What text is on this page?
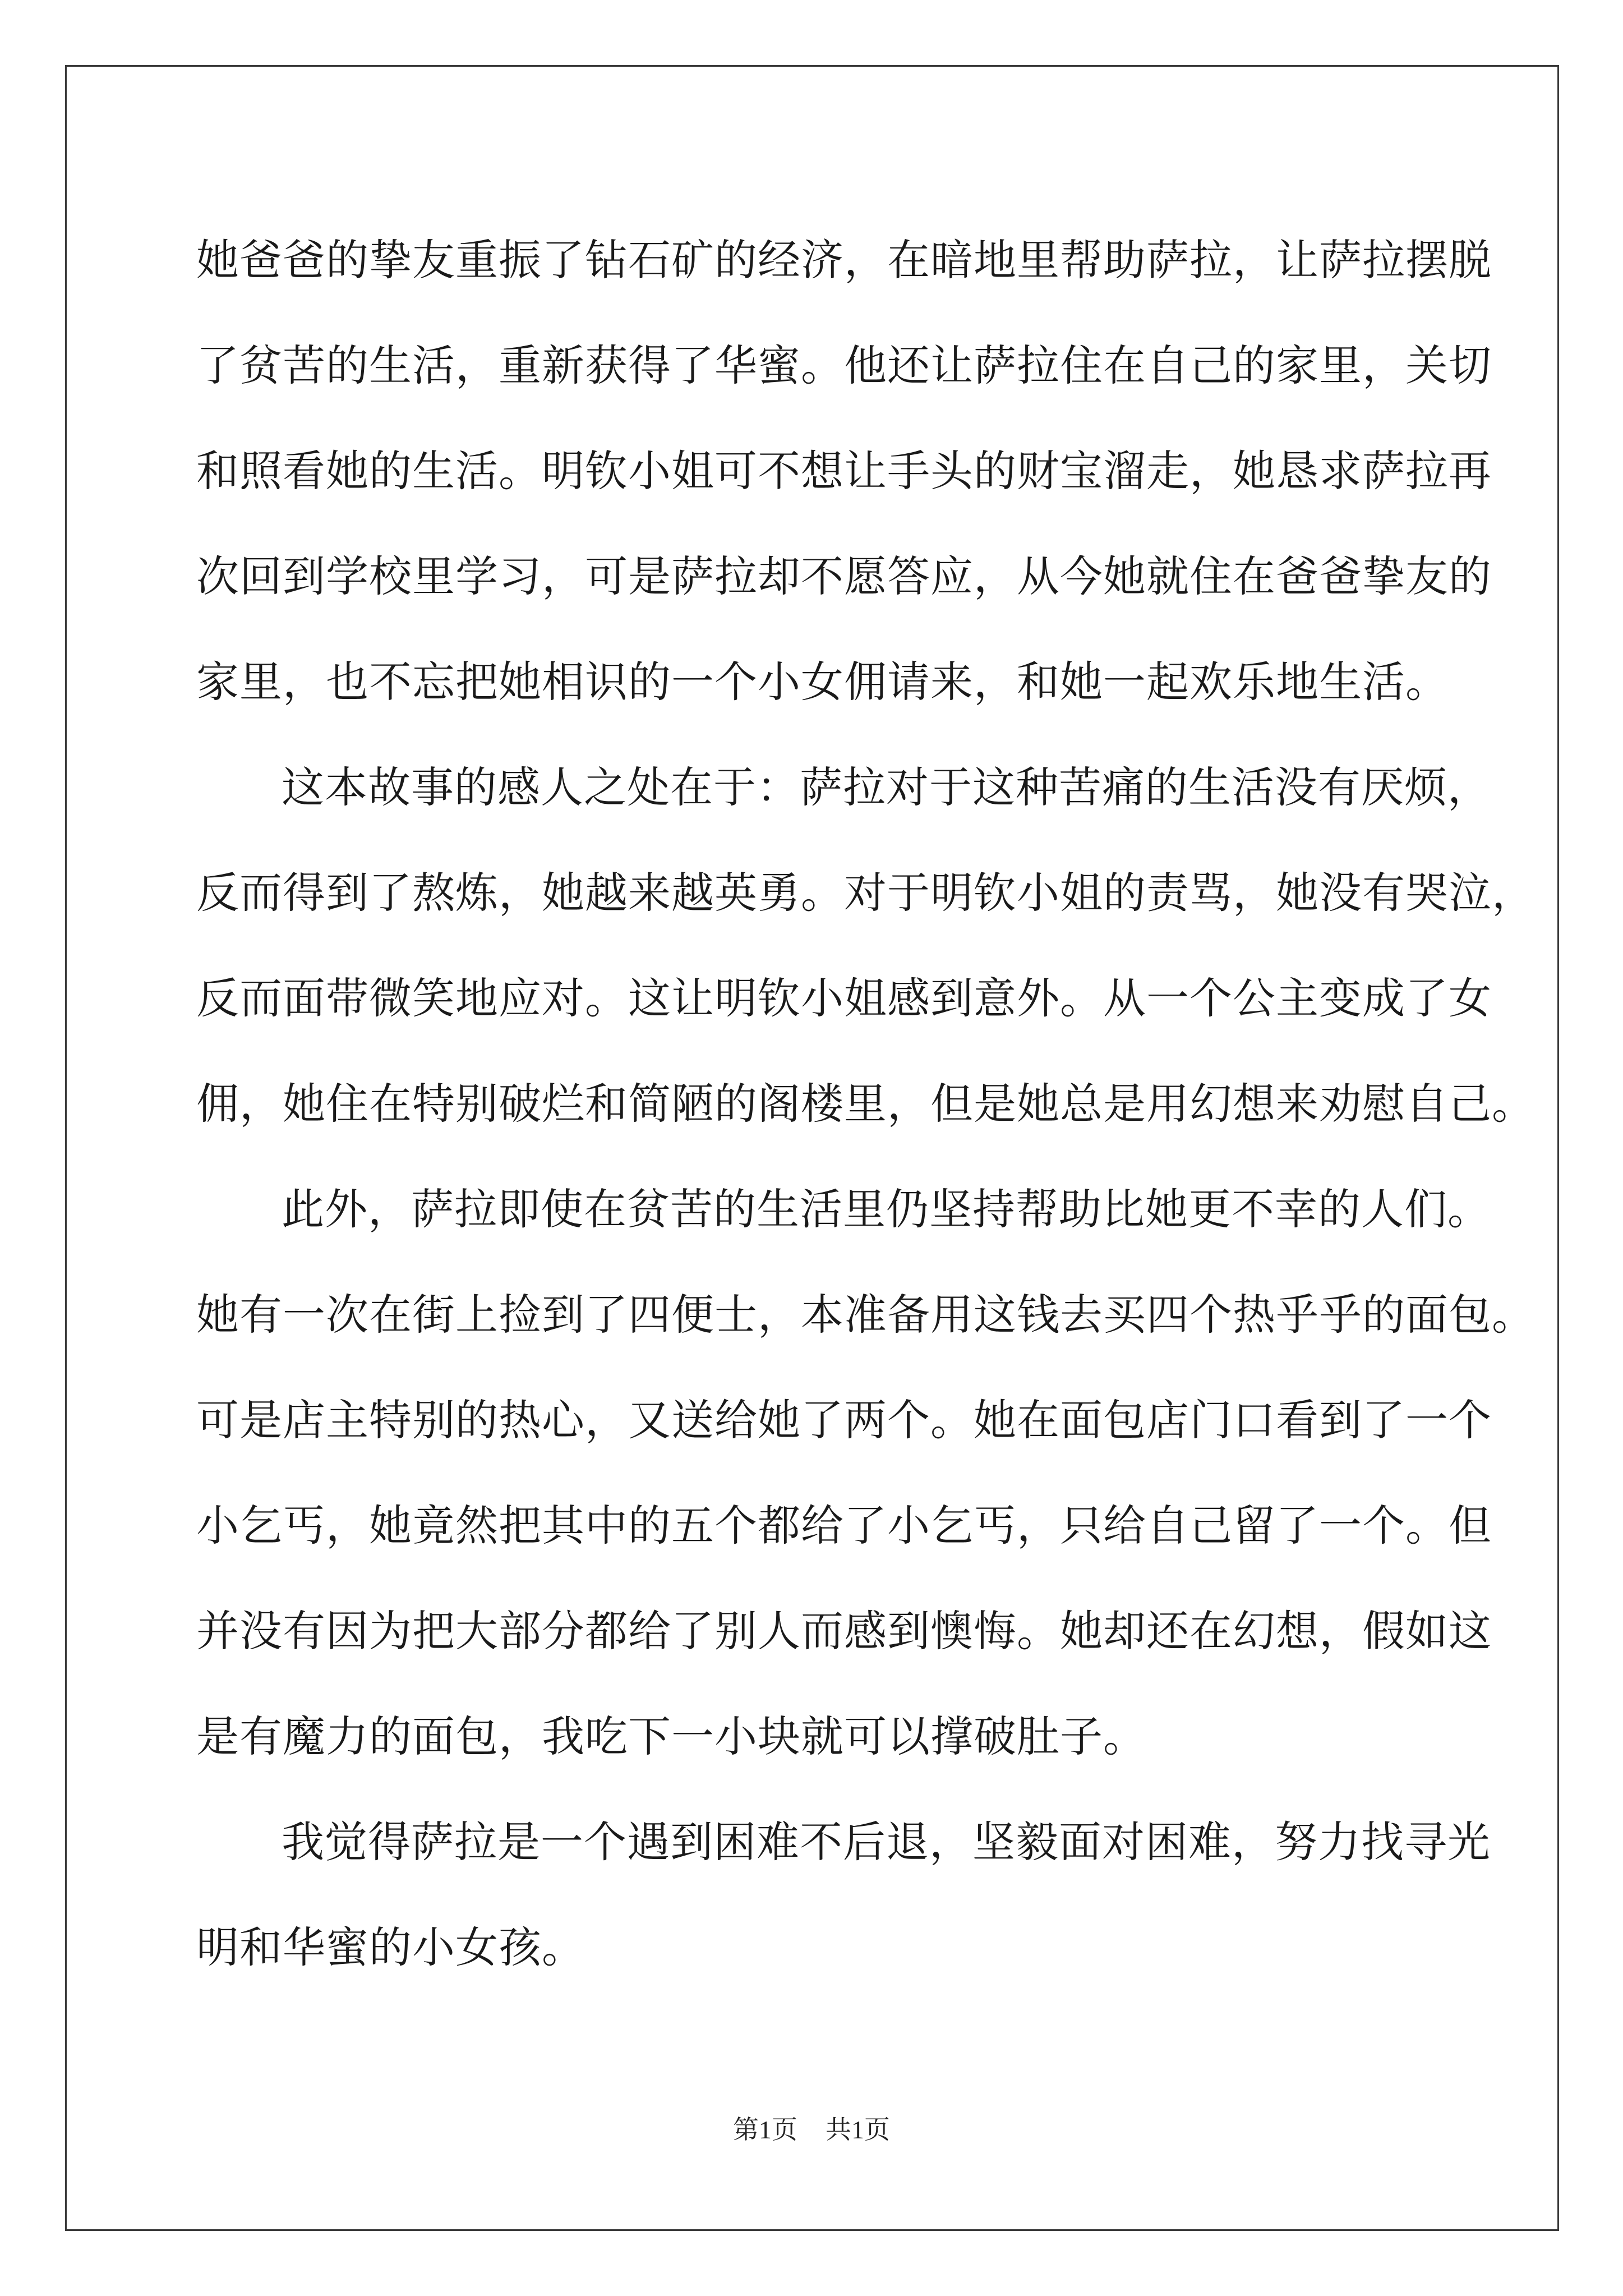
她爸爸的挚友重振了钻石矿的经济，在暗地里帮助萨拉，让萨拉摆脱
了贫苦的生活，重新获得了华蜜。他还让萨拉住在自己的家里，关切
和照看她的生活。明钦小姐可不想让手头的财宝溜走，她恳求萨拉再
次回到学校里学习，可是萨拉却不愿答应，从今她就住在爸爸挚友的
家里，也不忘把她相识的一个小女佣请来，和她一起欢乐地生活。
这本故事的感人之处在于：萨拉对于这种苦痛的生活没有厌烦，
反而得到了熬炼，她越来越英勇。对于明钦小姐的责骂，她没有哭泣，
反而面带微笑地应对。这让明钦小姐感到意外。从一个公主变成了女
佣，她住在特别破烂和简陋的阁楼里，但是她总是用幻想来劝慰自己。
此外，萨拉即使在贫苦的生活里仍坚持帮助比她更不幸的人们。
她有一次在街上捡到了四便士，本准备用这钱去买四个热乎乎的面包。
可是店主特别的热心，又送给她了两个。她在面包店门口看到了一个
小乞丐，她竟然把其中的五个都给了小乞丐，只给自己留了一个。但
并没有因为把大部分都给了别人而感到懊悔。她却还在幻想，假如这
是有魔力的面包，我吃下一小块就可以撑破肚子。
我觉得萨拉是一个遇到困难不后退，坚毅面对困难，努力找寻光
明和华蜜的小女孩。
第1页 共1页
